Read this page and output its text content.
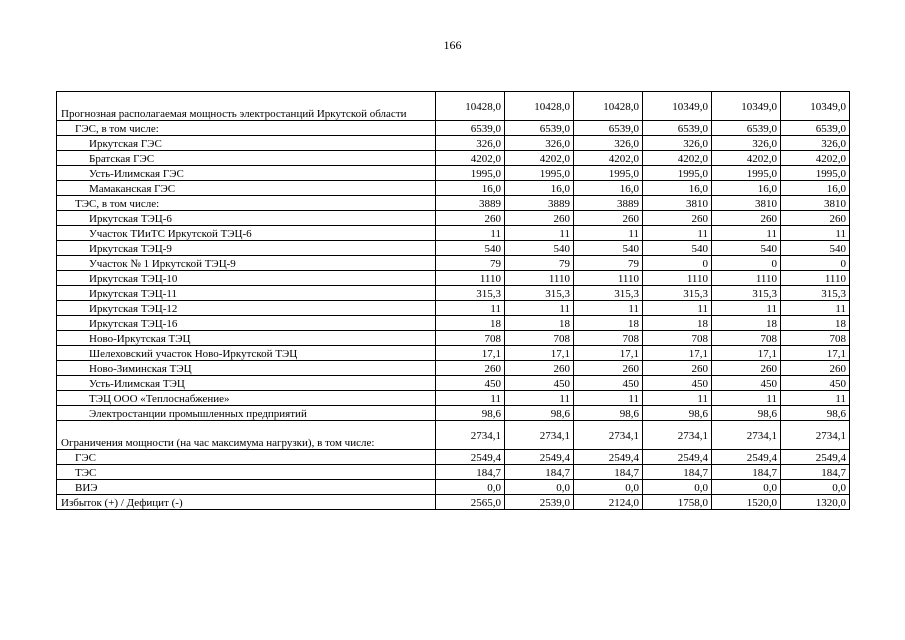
166
Прогнозная располагаемая мощность электростанций Иркутской области	10428,0	10428,0	10428,0	10349,0	10349,0	10349,0
ГЭС, в том числе:	6539,0	6539,0	6539,0	6539,0	6539,0	6539,0
Иркутская ГЭС	326,0	326,0	326,0	326,0	326,0	326,0
Братская ГЭС	4202,0	4202,0	4202,0	4202,0	4202,0	4202,0
Усть-Илимская ГЭС	1995,0	1995,0	1995,0	1995,0	1995,0	1995,0
Мамаканская ГЭС	16,0	16,0	16,0	16,0	16,0	16,0
ТЭС, в том числе:	3889	3889	3889	3810	3810	3810
Иркутская ТЭЦ-6	260	260	260	260	260	260
Участок ТИиТС Иркутской ТЭЦ-6	11	11	11	11	11	11
Иркутская ТЭЦ-9	540	540	540	540	540	540
Участок № 1 Иркутской ТЭЦ-9	79	79	79	0	0	0
Иркутская ТЭЦ-10	1110	1110	1110	1110	1110	1110
Иркутская ТЭЦ-11	315,3	315,3	315,3	315,3	315,3	315,3
Иркутская ТЭЦ-12	11	11	11	11	11	11
Иркутская ТЭЦ-16	18	18	18	18	18	18
Ново-Иркутская ТЭЦ	708	708	708	708	708	708
Шелеховский участок Ново-Иркутской ТЭЦ	17,1	17,1	17,1	17,1	17,1	17,1
Ново-Зиминская ТЭЦ	260	260	260	260	260	260
Усть-Илимская ТЭЦ	450	450	450	450	450	450
ТЭЦ ООО «Теплоснабжение»	11	11	11	11	11	11
Электростанции промышленных предприятий	98,6	98,6	98,6	98,6	98,6	98,6
Ограничения мощности (на час максимума нагрузки), в том числе:	2734,1	2734,1	2734,1	2734,1	2734,1	2734,1
ГЭС	2549,4	2549,4	2549,4	2549,4	2549,4	2549,4
ТЭС	184,7	184,7	184,7	184,7	184,7	184,7
ВИЭ	0,0	0,0	0,0	0,0	0,0	0,0
Избыток (+) / Дефицит (-)	2565,0	2539,0	2124,0	1758,0	1520,0	1320,0
